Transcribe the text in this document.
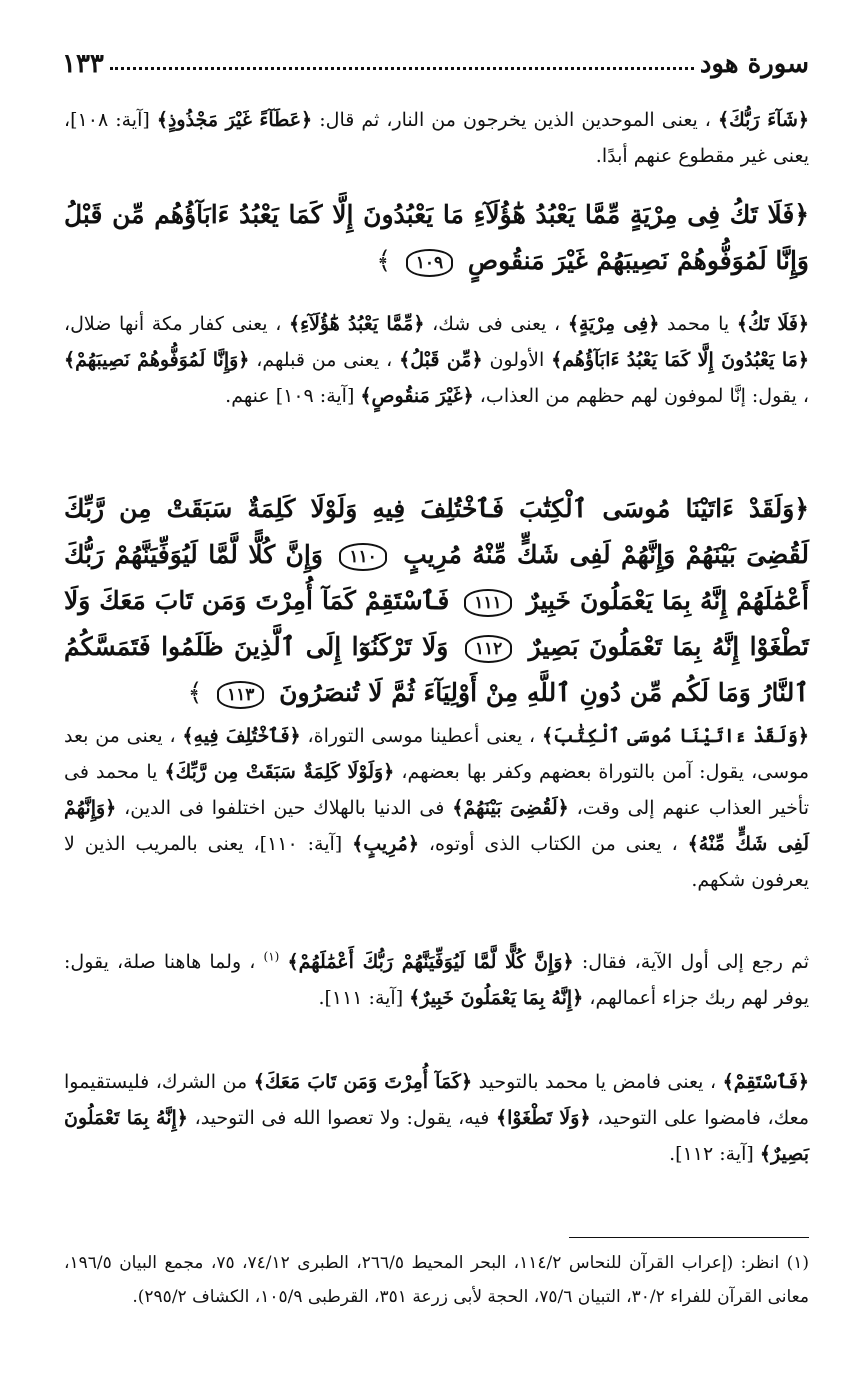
سورة هود
١٣٣
﴿شَآءَ رَبُّكَ﴾ ، يعنى الموحدين الذين يخرجون من النار، ثم قال: ﴿عَطَآءً غَيْرَ مَجْذُوذٍ﴾ [آية: ١٠٨]، يعنى غير مقطوع عنهم أبدًا.
﴿فَلَا تَكُ فِى مِرْيَةٍ مِّمَّا يَعْبُدُ هَٰٓؤُلَآءِ مَا يَعْبُدُونَ إِلَّا كَمَا يَعْبُدُ ءَابَآؤُهُم مِّن قَبْلُ وَإِنَّا لَمُوَفُّوهُمْ نَصِيبَهُمْ غَيْرَ مَنقُوصٍ ١٠٩ ﴾
﴿فَلَا تَكُ﴾ يا محمد ﴿فِى مِرْيَةٍ﴾ ، يعنى فى شك، ﴿مِّمَّا يَعْبُدُ هَٰٓؤُلَآءِ﴾ ، يعنى كفار مكة أنها ضلال، ﴿مَا يَعْبُدُونَ إِلَّا كَمَا يَعْبُدُ ءَابَآؤُهُم﴾ الأولون ﴿مِّن قَبْلُ﴾ ، يعنى من قبلهم، ﴿وَإِنَّا لَمُوَفُّوهُمْ نَصِيبَهُمْ﴾ ، يقول: إنَّا لموفون لهم حظهم من العذاب، ﴿غَيْرَ مَنقُوصٍ﴾ [آية: ١٠٩] عنهم.
﴿وَلَقَدْ ءَاتَيْنَا مُوسَى ٱلْكِتَٰبَ فَٱخْتُلِفَ فِيهِ وَلَوْلَا كَلِمَةٌ سَبَقَتْ مِن رَّبِّكَ لَقُضِىَ بَيْنَهُمْ وَإِنَّهُمْ لَفِى شَكٍّ مِّنْهُ مُرِيبٍ ١١٠ وَإِنَّ كُلًّا لَّمَّا لَيُوَفِّيَنَّهُمْ رَبُّكَ أَعْمَٰلَهُمْ إِنَّهُ بِمَا يَعْمَلُونَ خَبِيرٌ ١١١ فَٱسْتَقِمْ كَمَآ أُمِرْتَ وَمَن تَابَ مَعَكَ وَلَا تَطْغَوْا إِنَّهُ بِمَا تَعْمَلُونَ بَصِيرٌ ١١٢ وَلَا تَرْكَنُوٓا إِلَى ٱلَّذِينَ ظَلَمُوا فَتَمَسَّكُمُ ٱلنَّارُ وَمَا لَكُم مِّن دُونِ ٱللَّهِ مِنْ أَوْلِيَآءَ ثُمَّ لَا تُنصَرُونَ ١١٣ ﴾
﴿وَلَقَدْ ءَاتَيْنَا مُوسَى ٱلْكِتَٰبَ﴾ ، يعنى أعطينا موسى التوراة، ﴿فَٱخْتُلِفَ فِيهِ﴾ ، يعنى من بعد موسى، يقول: آمن بالتوراة بعضهم وكفر بها بعضهم، ﴿وَلَوْلَا كَلِمَةٌ سَبَقَتْ مِن رَّبِّكَ﴾ يا محمد فى تأخير العذاب عنهم إلى وقت، ﴿لَقُضِىَ بَيْنَهُمْ﴾ فى الدنيا بالهلاك حين اختلفوا فى الدين، ﴿وَإِنَّهُمْ لَفِى شَكٍّ مِّنْهُ﴾ ، يعنى من الكتاب الذى أوتوه، ﴿مُرِيبٍ﴾ [آية: ١١٠]، يعنى بالمريب الذين لا يعرفون شكهم.
ثم رجع إلى أول الآية، فقال: ﴿وَإِنَّ كُلًّا لَّمَّا لَيُوَفِّيَنَّهُمْ رَبُّكَ أَعْمَٰلَهُمْ﴾ $^{(١)}$ ، ولما هاهنا صلة، يقول: يوفر لهم ربك جزاء أعمالهم، ﴿إِنَّهُ بِمَا يَعْمَلُونَ خَبِيرٌ﴾ [آية: ١١١].
﴿فَٱسْتَقِمْ﴾ ، يعنى فامض يا محمد بالتوحيد ﴿كَمَآ أُمِرْتَ وَمَن تَابَ مَعَكَ﴾ من الشرك، فليستقيموا معك، فامضوا على التوحيد، ﴿وَلَا تَطْغَوْا﴾ فيه، يقول: ولا تعصوا الله فى التوحيد، ﴿إِنَّهُ بِمَا تَعْمَلُونَ بَصِيرٌ﴾ [آية: ١١٢].
(١) انظر: (إعراب القرآن للنحاس ١١٤/٢، البحر المحيط ٢٦٦/٥، الطبرى ٧٤/١٢، ٧٥، مجمع البيان ١٩٦/٥، معانى القرآن للفراء ٣٠/٢، التبيان ٧٥/٦، الحجة لأبى زرعة ٣٥١، القرطبى ١٠٥/٩، الكشاف ٢٩٥/٢).
